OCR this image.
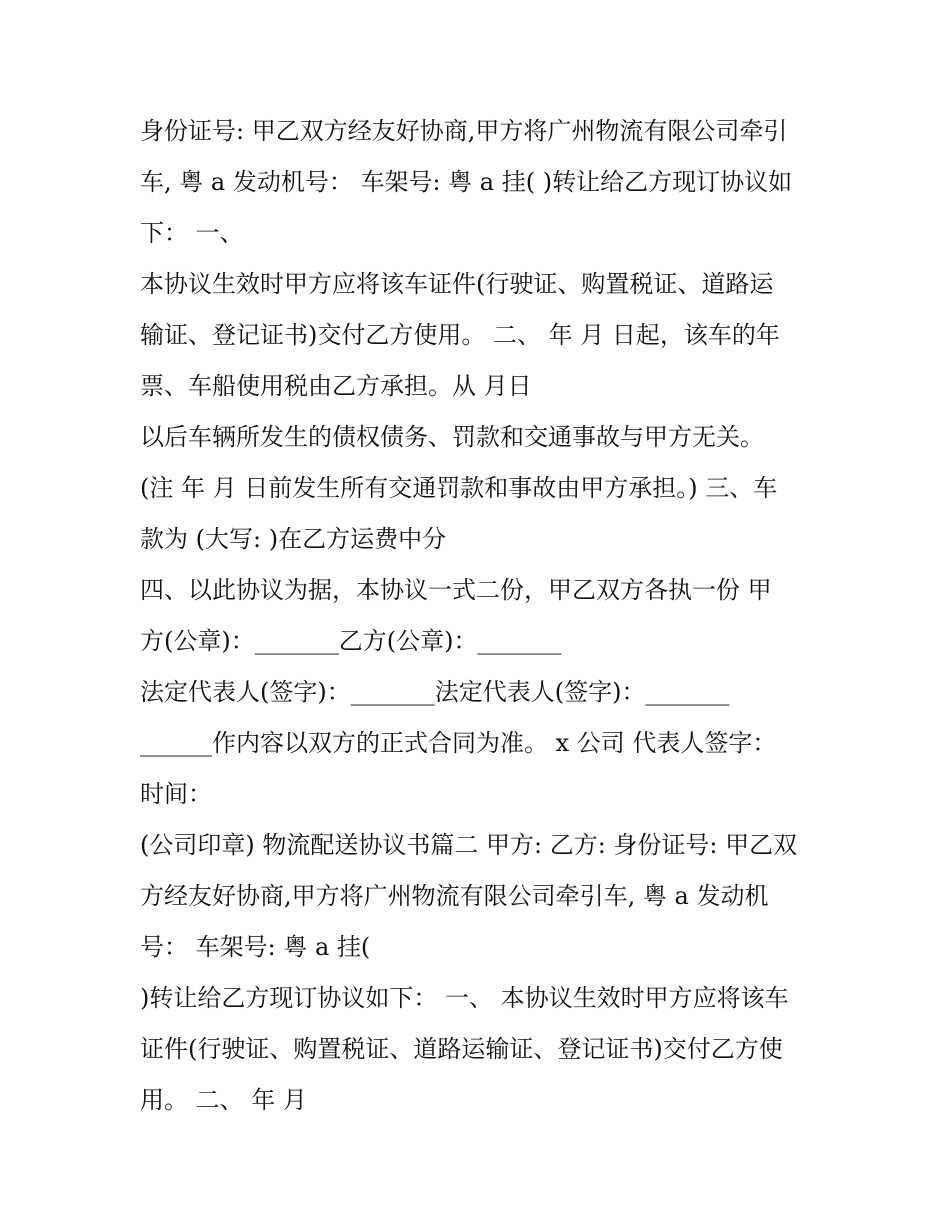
身份证号: 甲乙双方经友好协商,甲方将广州物流有限公司牵引

车, 粤 a 发动机号： 车架号: 粤 a 挂( )转让给乙方现订协议如

下： 一、

本协议生效时甲方应将该车证件(行驶证、购置税证、道路运

输证、登记证书)交付乙方使用。 二、 年 月 日起，该车的年

票、车船使用税由乙方承担。从 月日

以后车辆所发生的债权债务、罚款和交通事故与甲方无关。

(注 年 月 日前发生所有交通罚款和事故由甲方承担。) 三、车

款为 (大写: )在乙方运费中分

四、以此协议为据，本协议一式二份，甲乙双方各执一份 甲

方(公章)：_______乙方(公章)：_______

法定代表人(签字)：_______法定代表人(签字)：_______

______作内容以双方的正式合同为准。 x 公司 代表人签字：

时间：

(公司印章) 物流配送协议书篇二 甲方: 乙方: 身份证号: 甲乙双

方经友好协商,甲方将广州物流有限公司牵引车, 粤 a 发动机

号： 车架号: 粤 a 挂(

)转让给乙方现订协议如下： 一、 本协议生效时甲方应将该车

证件(行驶证、购置税证、道路运输证、登记证书)交付乙方使

用。 二、 年 月
